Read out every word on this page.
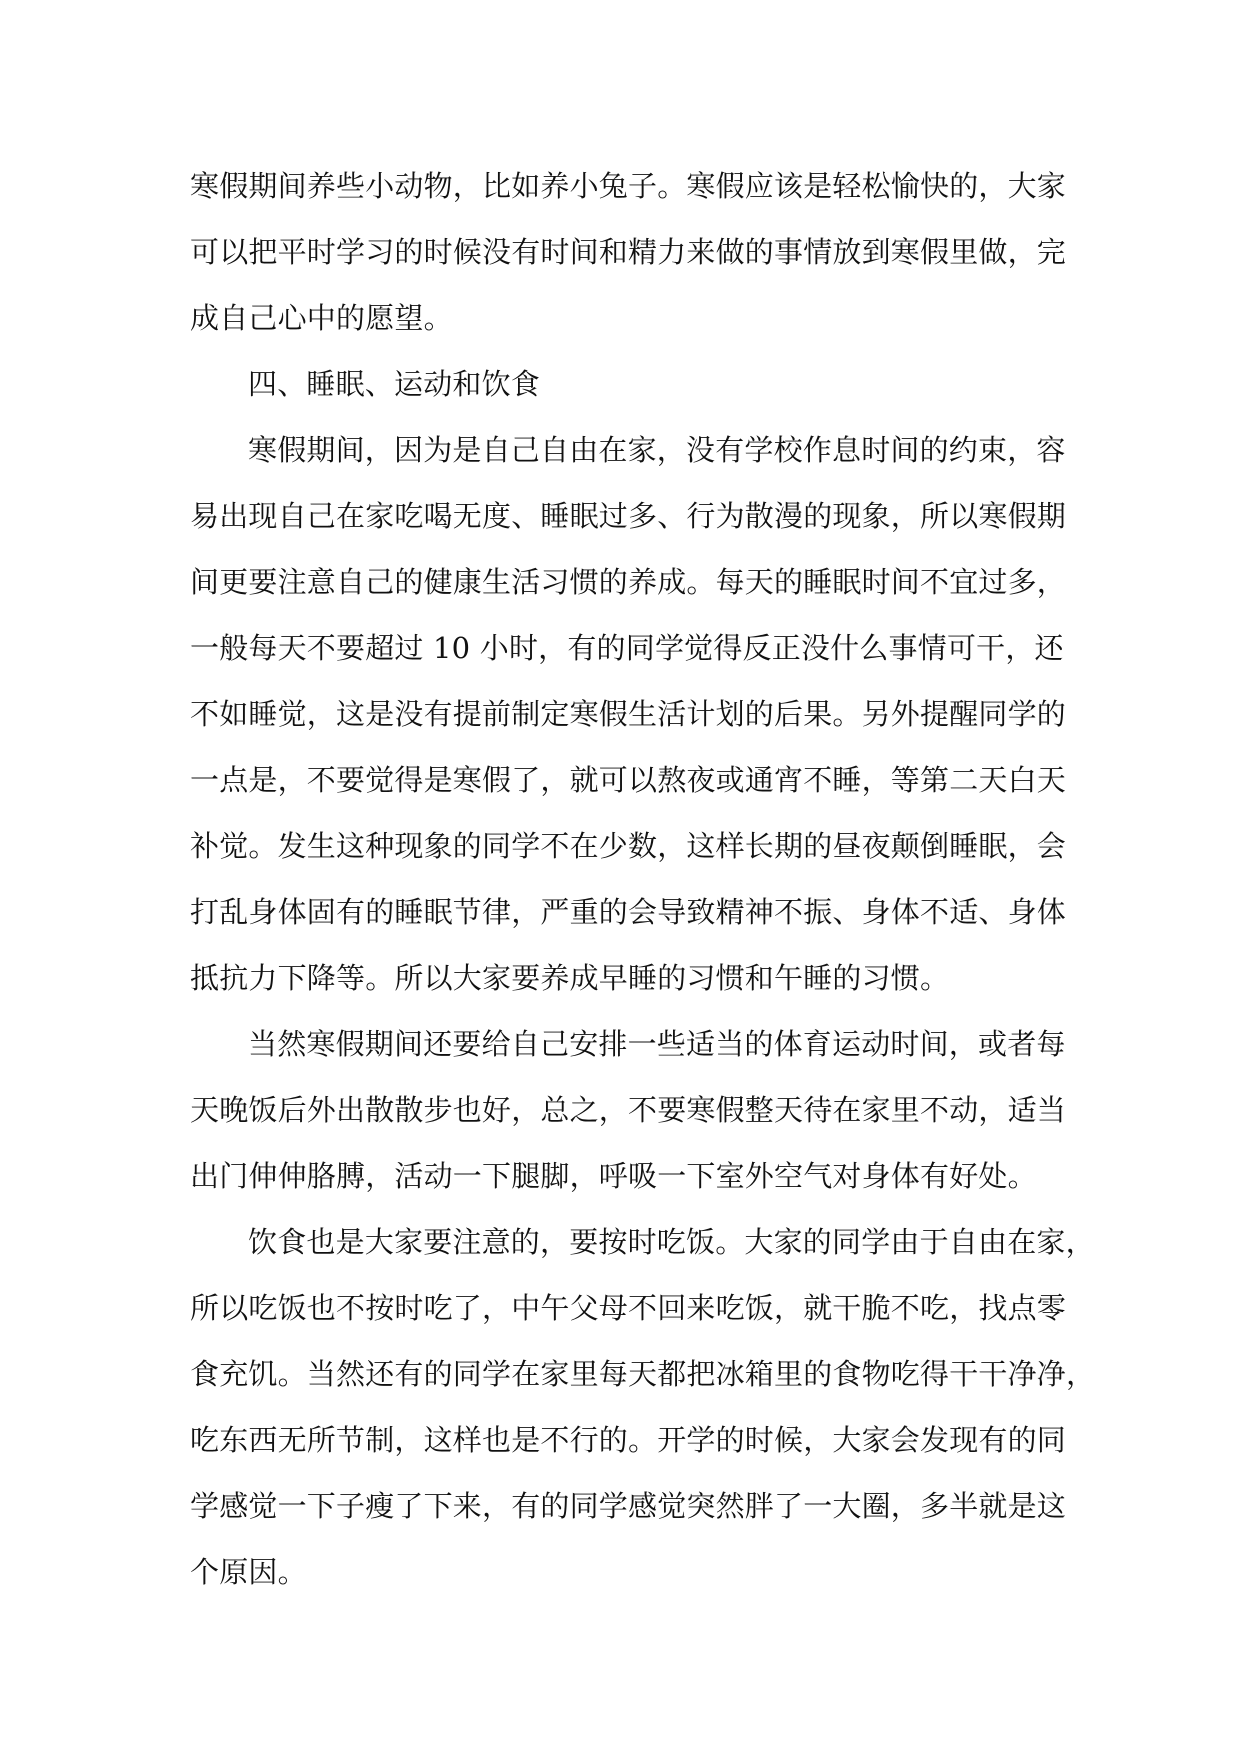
寒假期间养些小动物，比如养小兔子。寒假应该是轻松愉快的，大家
可以把平时学习的时候没有时间和精力来做的事情放到寒假里做，完
成自己心中的愿望。
四、睡眠、运动和饮食
寒假期间，因为是自己自由在家，没有学校作息时间的约束，容
易出现自己在家吃喝无度、睡眠过多、行为散漫的现象，所以寒假期
间更要注意自己的健康生活习惯的养成。每天的睡眠时间不宜过多，
一般每天不要超过 10 小时，有的同学觉得反正没什么事情可干，还
不如睡觉，这是没有提前制定寒假生活计划的后果。另外提醒同学的
一点是，不要觉得是寒假了，就可以熬夜或通宵不睡，等第二天白天
补觉。发生这种现象的同学不在少数，这样长期的昼夜颠倒睡眠，会
打乱身体固有的睡眠节律，严重的会导致精神不振、身体不适、身体
抵抗力下降等。所以大家要养成早睡的习惯和午睡的习惯。
当然寒假期间还要给自己安排一些适当的体育运动时间，或者每
天晚饭后外出散散步也好，总之，不要寒假整天待在家里不动，适当
出门伸伸胳膊，活动一下腿脚，呼吸一下室外空气对身体有好处。
饮食也是大家要注意的，要按时吃饭。大家的同学由于自由在家，
所以吃饭也不按时吃了，中午父母不回来吃饭，就干脆不吃，找点零
食充饥。当然还有的同学在家里每天都把冰箱里的食物吃得干干净净，
吃东西无所节制，这样也是不行的。开学的时候，大家会发现有的同
学感觉一下子瘦了下来，有的同学感觉突然胖了一大圈，多半就是这
个原因。
